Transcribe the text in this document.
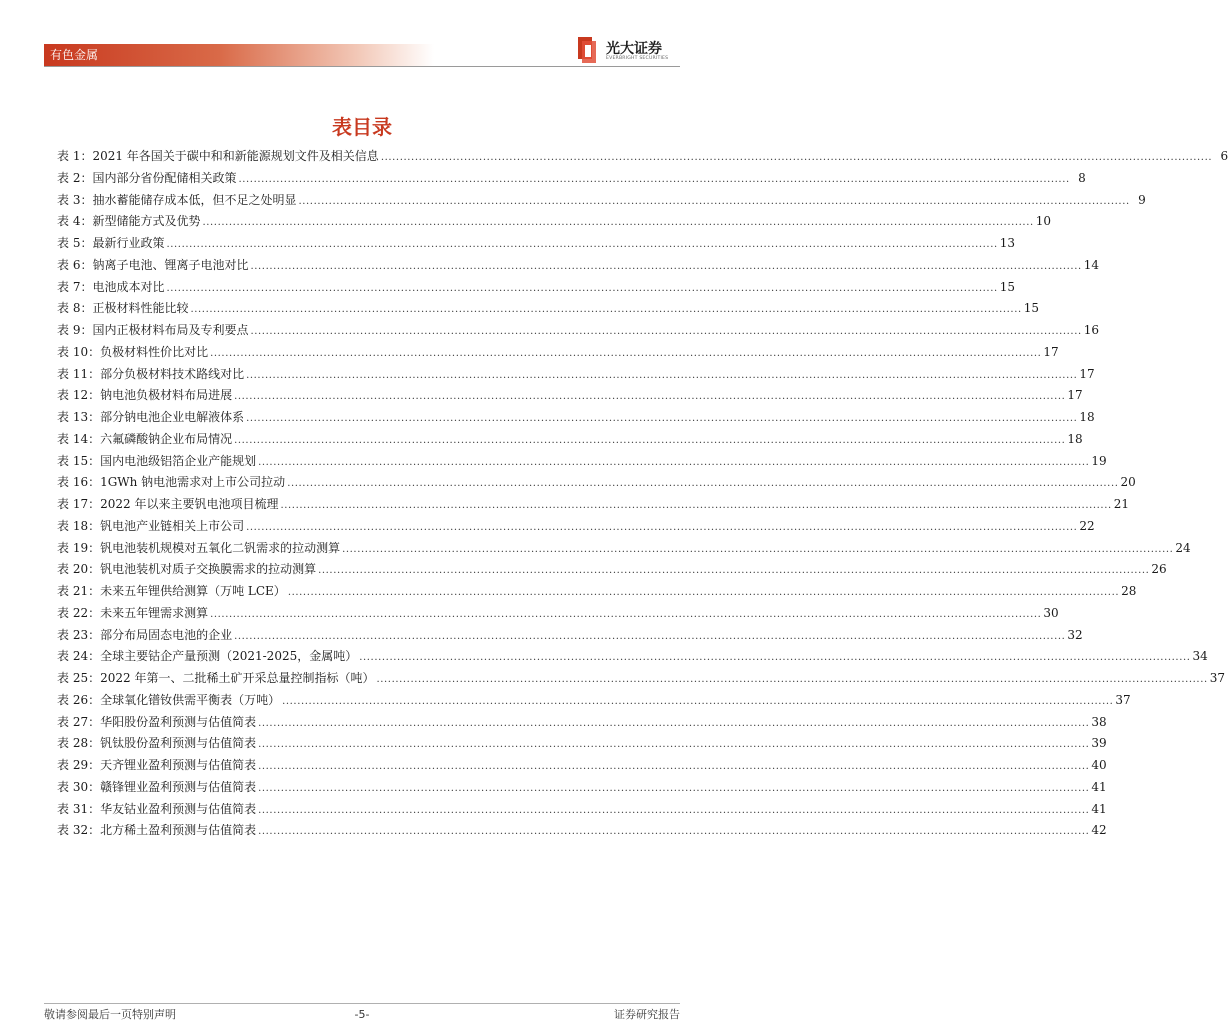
有色金属	光大证券
EVERBRIGHT SECURITIES
表目录
表 1：2021 年各国关于碳中和和新能源规划文件及相关信息 ............................................................................................................................................................................................................................ 6
表 2：国内部分省份配储相关政策 ............................................................................................................................................................................................................................ 8
表 3：抽水蓄能储存成本低，但不足之处明显 ............................................................................................................................................................................................................................ 9
表 4：新型储能方式及优势 ............................................................................................................................................................................................................................ 10
表 5：最新行业政策 ............................................................................................................................................................................................................................ 13
表 6：钠离子电池、锂离子电池对比 ............................................................................................................................................................................................................................ 14
表 7：电池成本对比 ............................................................................................................................................................................................................................ 15
表 8：正极材料性能比较 ............................................................................................................................................................................................................................ 15
表 9：国内正极材料布局及专利要点 ............................................................................................................................................................................................................................ 16
表 10：负极材料性价比对比 ............................................................................................................................................................................................................................ 17
表 11：部分负极材料技术路线对比 ............................................................................................................................................................................................................................ 17
表 12：钠电池负极材料布局进展 ............................................................................................................................................................................................................................ 17
表 13：部分钠电池企业电解液体系 ............................................................................................................................................................................................................................ 18
表 14：六氟磷酸钠企业布局情况 ............................................................................................................................................................................................................................ 18
表 15：国内电池级铝箔企业产能规划 ............................................................................................................................................................................................................................ 19
表 16：1GWh 钠电池需求对上市公司拉动 ............................................................................................................................................................................................................................ 20
表 17：2022 年以来主要钒电池项目梳理 ............................................................................................................................................................................................................................ 21
表 18：钒电池产业链相关上市公司 ............................................................................................................................................................................................................................ 22
表 19：钒电池装机规模对五氧化二钒需求的拉动测算 ............................................................................................................................................................................................................................ 24
表 20：钒电池装机对质子交换膜需求的拉动测算 ............................................................................................................................................................................................................................ 26
表 21：未来五年锂供给测算（万吨 LCE） ............................................................................................................................................................................................................................ 28
表 22：未来五年锂需求测算 ............................................................................................................................................................................................................................ 30
表 23：部分布局固态电池的企业 ............................................................................................................................................................................................................................ 32
表 24：全球主要钴企产量预测（2021-2025，金属吨） ............................................................................................................................................................................................................................ 34
表 25：2022 年第一、二批稀土矿开采总量控制指标（吨） ............................................................................................................................................................................................................................ 37
表 26：全球氧化镨钕供需平衡表（万吨） ............................................................................................................................................................................................................................ 37
表 27：华阳股份盈利预测与估值简表 ............................................................................................................................................................................................................................ 38
表 28：钒钛股份盈利预测与估值简表 ............................................................................................................................................................................................................................ 39
表 29：天齐锂业盈利预测与估值简表 ............................................................................................................................................................................................................................ 40
表 30：赣锋锂业盈利预测与估值简表 ............................................................................................................................................................................................................................ 41
表 31：华友钴业盈利预测与估值简表 ............................................................................................................................................................................................................................ 41
表 32：北方稀土盈利预测与估值简表 ............................................................................................................................................................................................................................ 42
敬请参阅最后一页特别声明	-5-	证券研究报告
